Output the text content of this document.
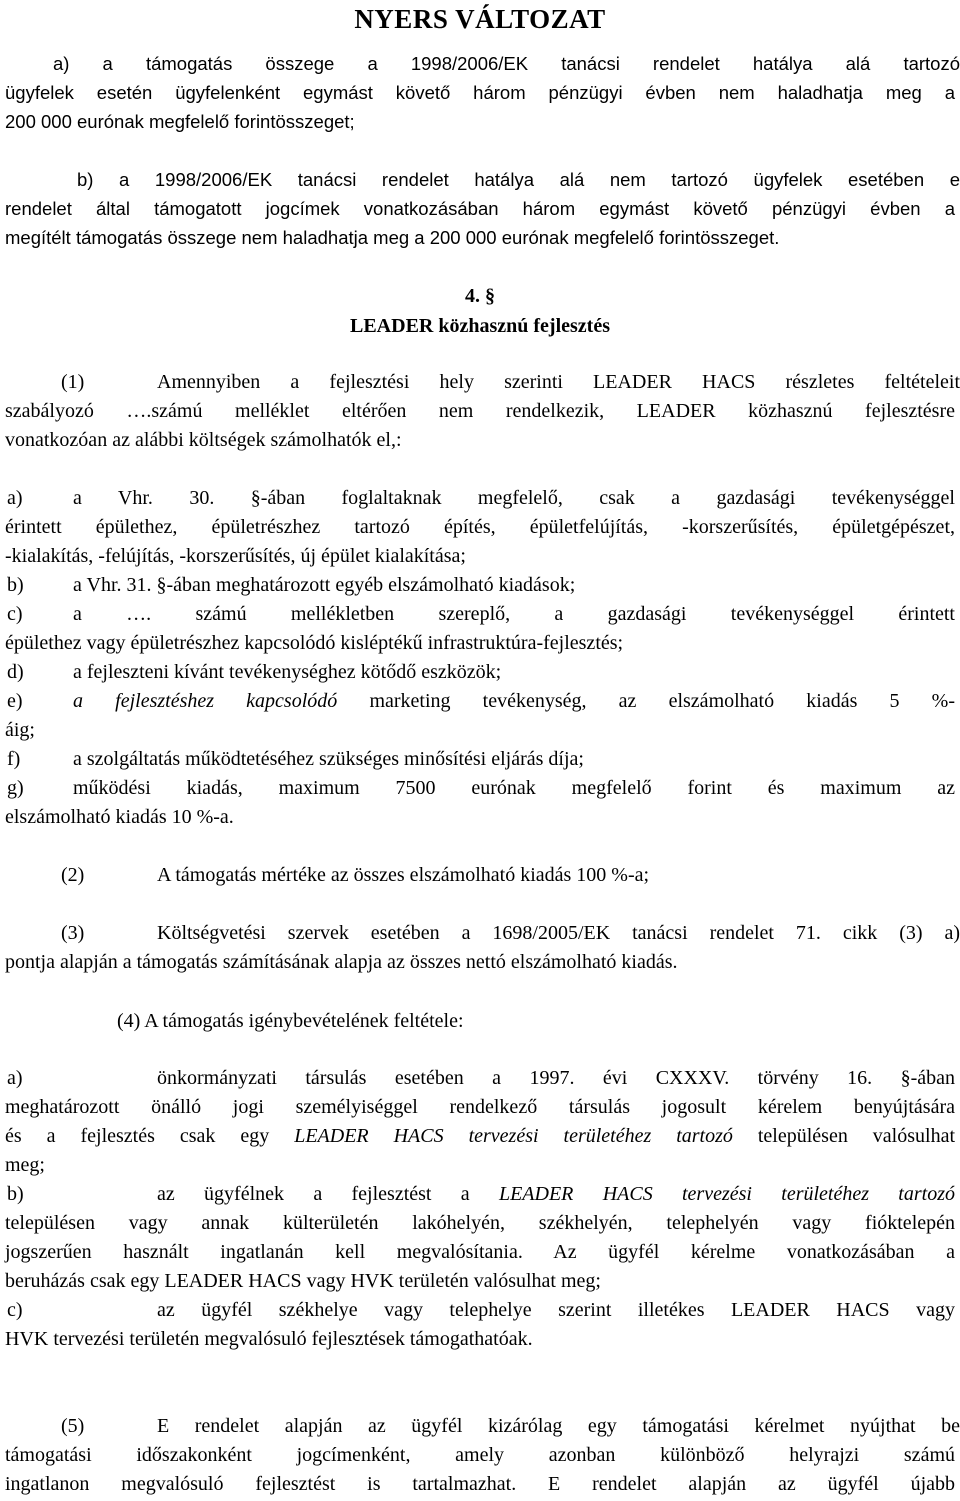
NYERS VÁLTOZAT
a) a támogatás összege a 1998/2006/EK tanácsi rendelet hatálya alá tartozó
ügyfelek esetén ügyfelenként egymást követő három pénzügyi évben nem haladhatja meg a
200 000 eurónak megfelelő forintösszeget;
b) a 1998/2006/EK tanácsi rendelet hatálya alá nem tartozó ügyfelek esetében e
rendelet által támogatott jogcímek vonatkozásában három egymást követő pénzügyi évben a
megítélt támogatás összege nem haladhatja meg a 200 000 eurónak megfelelő forintösszeget.
4. §
LEADER közhasznú fejlesztés
(1)	Amennyiben a fejlesztési hely szerinti LEADER HACS részletes feltételeit
szabályozó ….számú melléklet eltérően nem rendelkezik, LEADER közhasznú fejlesztésre
vonatkozóan az alábbi költségek számolhatók el,:
a)	a Vhr. 30. §-ában foglaltaknak megfelelő, csak a gazdasági tevékenységgel
érintett épülethez, épületrészhez tartozó építés, épületfelújítás, -korszerűsítés, épületgépészet,
-kialakítás, -felújítás, -korszerűsítés, új épület kialakítása;
b) a Vhr. 31. §-ában meghatározott egyéb elszámolható kiadások;
c)	a …. számú mellékletben szereplő, a gazdasági tevékenységgel érintett
épülethez vagy épületrészhez kapcsolódó kisléptékű infrastruktúra-fejlesztés;
d) a fejleszteni kívánt tevékenységhez kötődő eszközök;
e)	a fejlesztéshez kapcsolódó marketing tevékenység, az elszámolható kiadás 5 %-
áig;
f)	a szolgáltatás működtetéséhez szükséges minősítési eljárás díja;
g) működési kiadás, maximum 7500 eurónak megfelelő forint és maximum az
elszámolható kiadás 10 %-a.
(2)	A támogatás mértéke az összes elszámolható kiadás 100 %-a;
(3)	Költségvetési szervek esetében a 1698/2005/EK tanácsi rendelet 71. cikk (3) a)
pontja alapján a támogatás számításának alapja az összes nettó elszámolható kiadás.
(4) A támogatás igénybevételének feltétele:
a)	önkormányzati társulás esetében a 1997. évi CXXXV. törvény 16. §-ában
meghatározott önálló jogi személyiséggel rendelkező társulás jogosult kérelem benyújtására
és a fejlesztés csak egy LEADER HACS tervezési területéhez tartozó településen valósulhat
meg;
b)	az ügyfélnek a fejlesztést a LEADER HACS tervezési területéhez tartozó
településen vagy annak külterületén lakóhelyén, székhelyén, telephelyén vagy fióktelepén
jogszerűen használt ingatlanán kell megvalósítania. Az ügyfél kérelme vonatkozásában a
beruházás csak egy LEADER HACS vagy HVK területén valósulhat meg;
c)	az ügyfél székhelye vagy telephelye szerint illetékes LEADER HACS vagy
HVK tervezési területén megvalósuló fejlesztések támogathatóak.
(5)	E rendelet alapján az ügyfél kizárólag egy támogatási kérelmet nyújthat be
támogatási időszakonként jogcímenként, amely azonban különböző helyrajzi számú
ingatlanon megvalósuló fejlesztést is tartalmazhat. E rendelet alapján az ügyfél újabb
